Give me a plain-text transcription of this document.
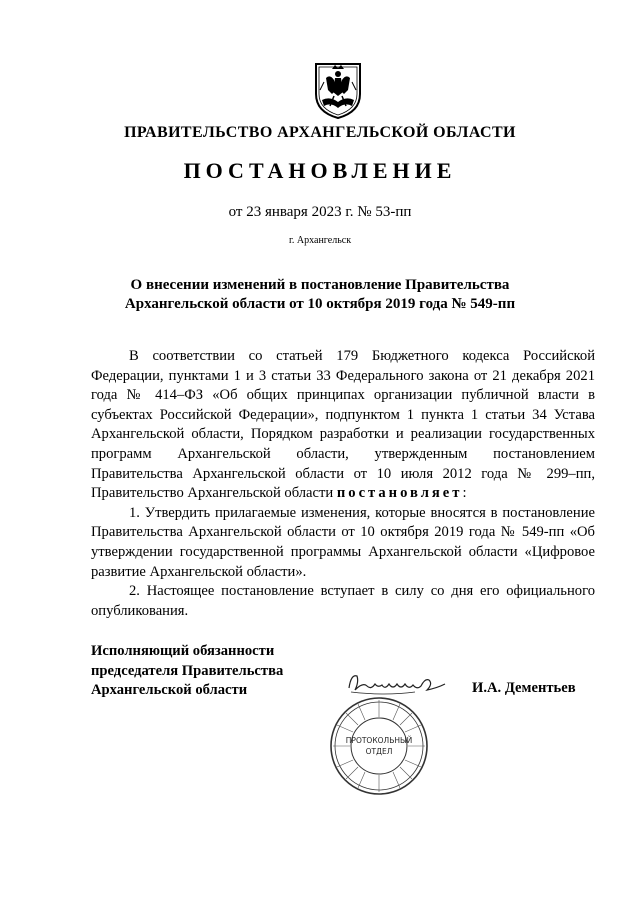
ПРАВИТЕЛЬСТВО АРХАНГЕЛЬСКОЙ ОБЛАСТИ
ПОСТАНОВЛЕНИЕ
от 23 января 2023 г. № 53-пп
г. Архангельск
О внесении изменений в постановление Правительства
Архангельской области от 10 октября 2019 года № 549-пп

В соответствии со статьей 179 Бюджетного кодекса Российской Федерации, пунктами 1 и 3 статьи 33 Федерального закона от 21 декабря 2021 года № 414–ФЗ «Об общих принципах организации публичной власти в субъектах Российской Федерации», подпунктом 1 пункта 1 статьи 34 Устава Архангельской области, Порядком разработки и реализации государственных программ Архангельской области, утвержденным постановлением Правительства Архангельской области от 10 июля 2012 года № 299–пп, Правительство Архангельской области постановляет:

1. Утвердить прилагаемые изменения, которые вносятся в постановление Правительства Архангельской области от 10 октября 2019 года № 549-пп «Об утверждении государственной программы Архангельской области «Цифровое развитие Архангельской области».

2. Настоящее постановление вступает в силу со дня его официального опубликования.

Исполняющий обязанности
председателя Правительства
Архангельской области	И.А. Дементьев
ПРОТОКОЛЬНЫЙ
ОТДЕЛ
